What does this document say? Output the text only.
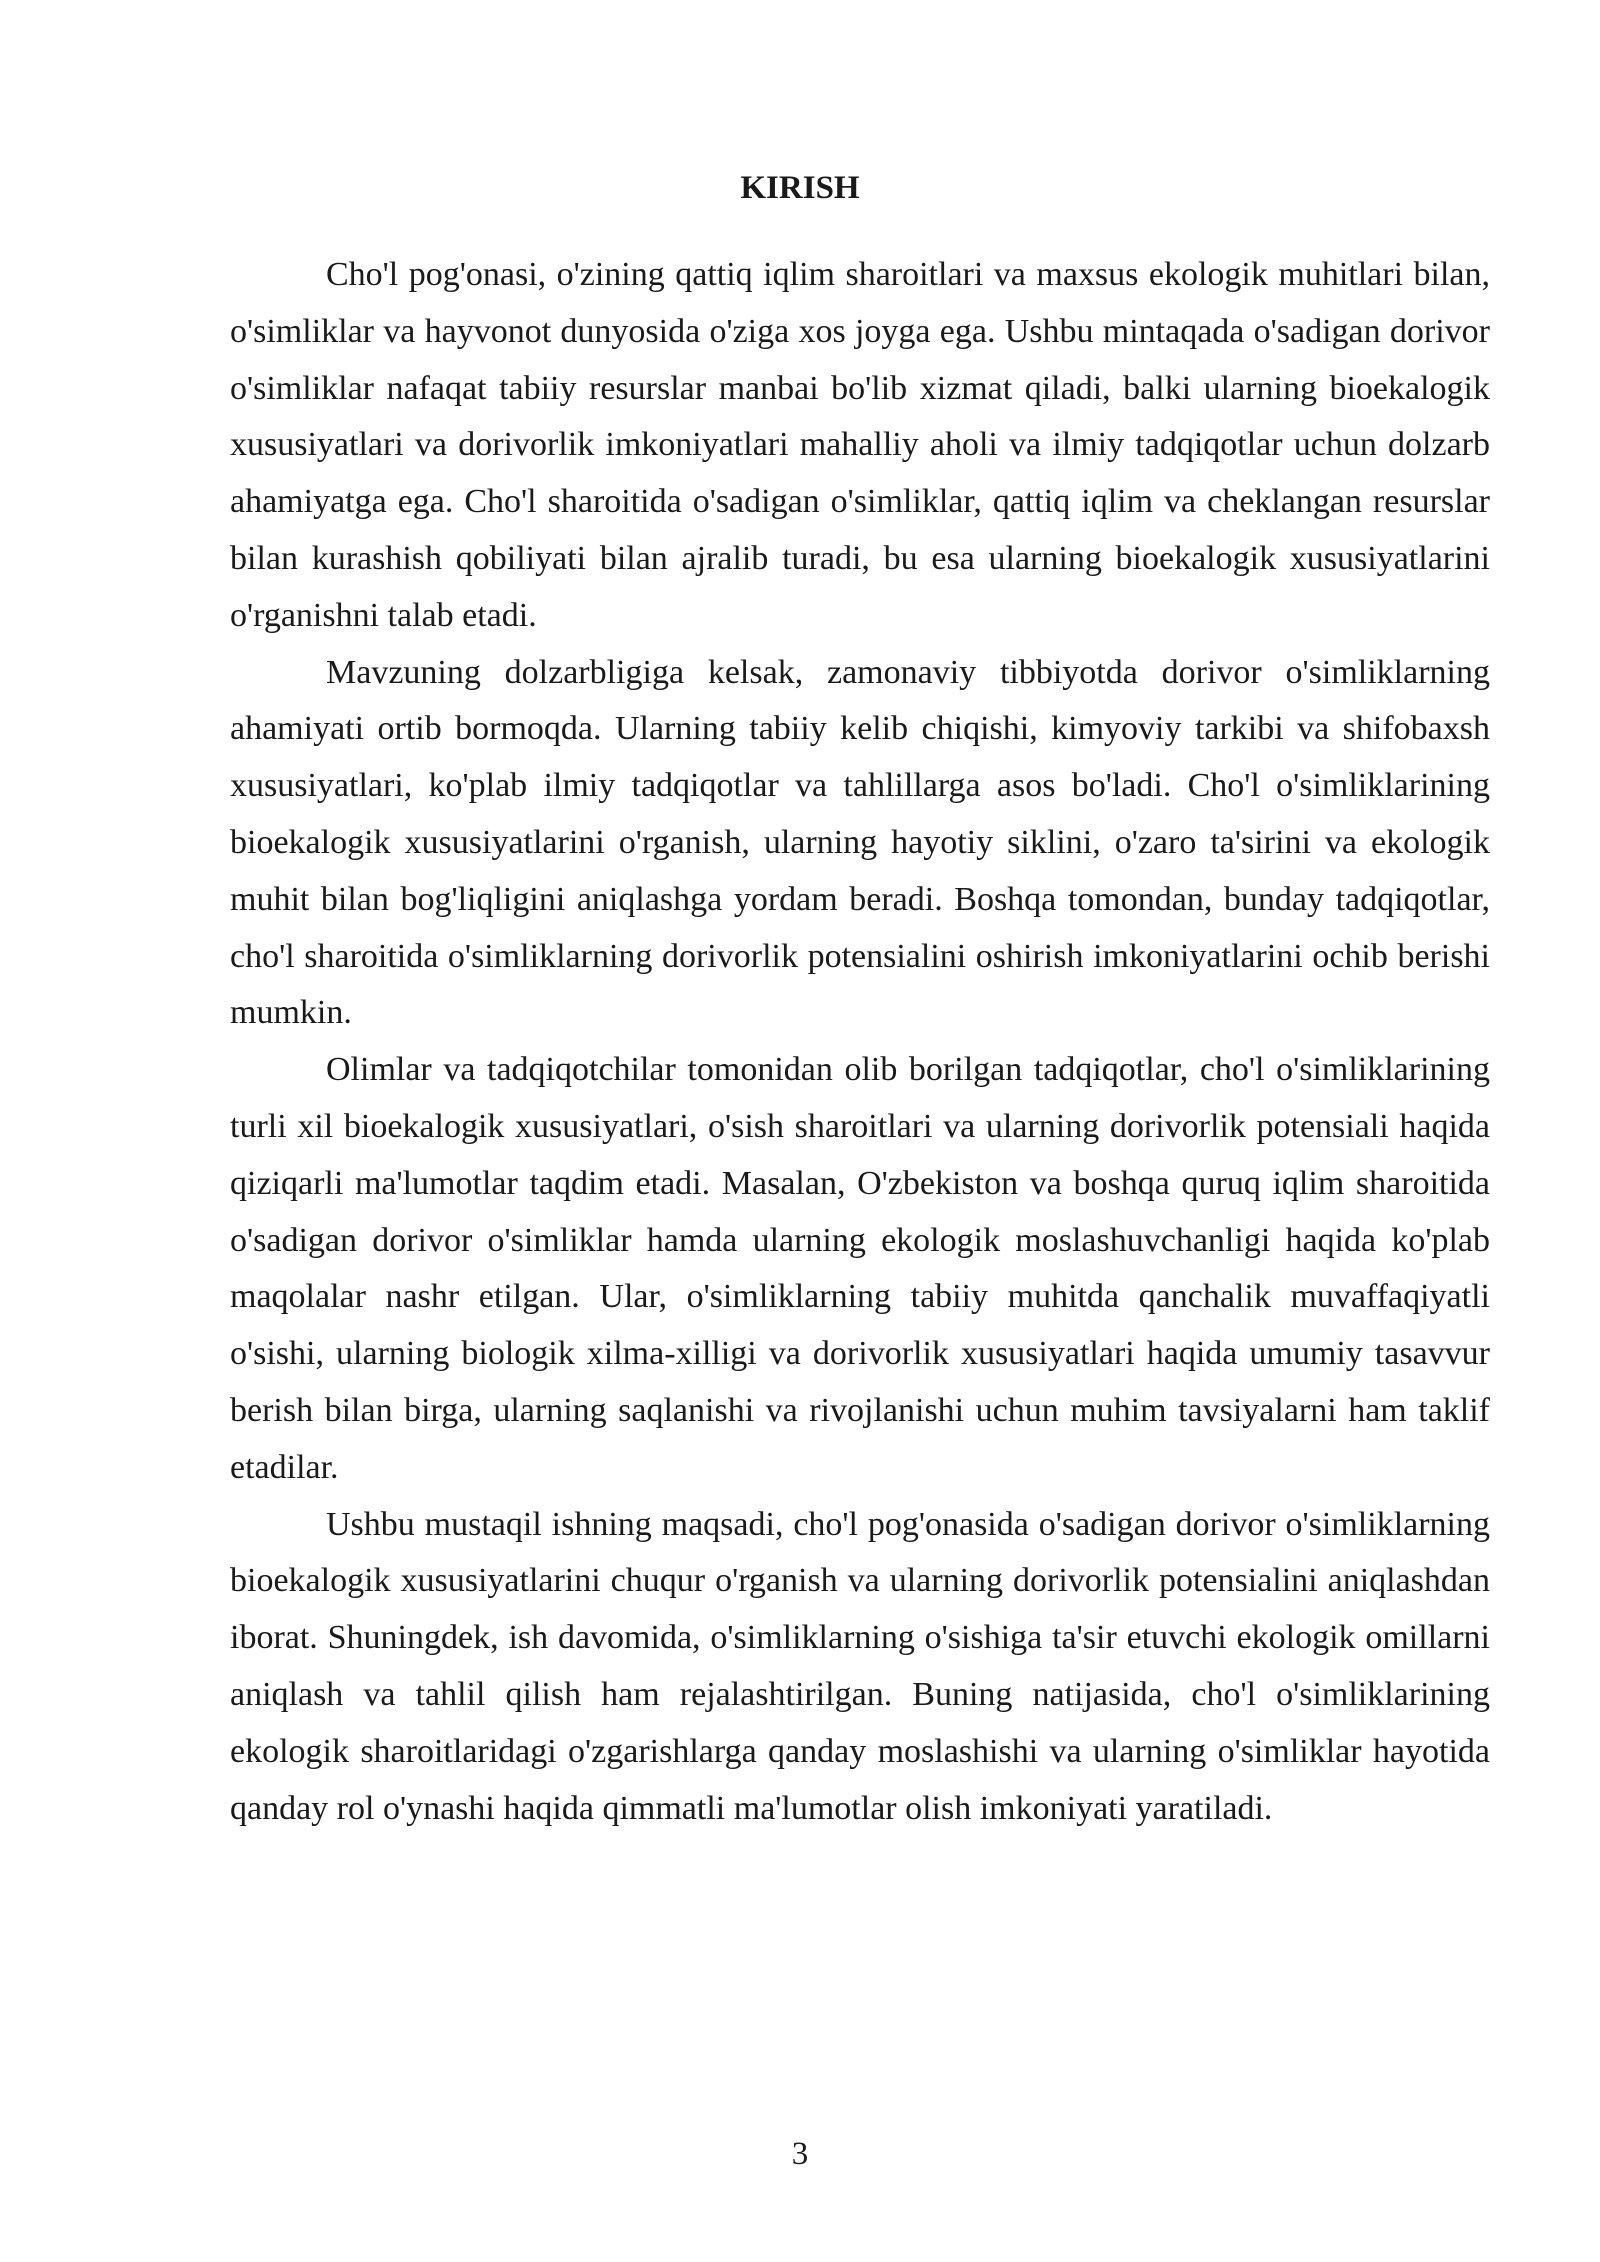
KIRISH

Cho'l pog'onasi, o'zining qattiq iqlim sharoitlari va maxsus ekologik muhitlari bilan, o'simliklar va hayvonot dunyosida o'ziga xos joyga ega. Ushbu mintaqada o'sadigan dorivor o'simliklar nafaqat tabiiy resurslar manbai bo'lib xizmat qiladi, balki ularning bioekalogik xususiyatlari va dorivorlik imkoniyatlari mahalliy aholi va ilmiy tadqiqotlar uchun dolzarb ahamiyatga ega. Cho'l sharoitida o'sadigan o'simliklar, qattiq iqlim va cheklangan resurslar bilan kurashish qobiliyati bilan ajralib turadi, bu esa ularning bioekalogik xususiyatlarini o'rganishni talab etadi.

Mavzuning dolzarbligiga kelsak, zamonaviy tibbiyotda dorivor o'simliklarning ahamiyati ortib bormoqda. Ularning tabiiy kelib chiqishi, kimyoviy tarkibi va shifobaxsh xususiyatlari, ko'plab ilmiy tadqiqotlar va tahlillarga asos bo'ladi. Cho'l o'simliklarining bioekalogik xususiyatlarini o'rganish, ularning hayotiy siklini, o'zaro ta'sirini va ekologik muhit bilan bog'liqligini aniqlashga yordam beradi. Boshqa tomondan, bunday tadqiqotlar, cho'l sharoitida o'simliklarning dorivorlik potensialini oshirish imkoniyatlarini ochib berishi mumkin.

Olimlar va tadqiqotchilar tomonidan olib borilgan tadqiqotlar, cho'l o'simliklarining turli xil bioekalogik xususiyatlari, o'sish sharoitlari va ularning dorivorlik potensiali haqida qiziqarli ma'lumotlar taqdim etadi. Masalan, O'zbekiston va boshqa quruq iqlim sharoitida o'sadigan dorivor o'simliklar hamda ularning ekologik moslashuvchanligi haqida ko'plab maqolalar nashr etilgan. Ular, o'simliklarning tabiiy muhitda qanchalik muvaffaqiyatli o'sishi, ularning biologik xilma-xilligi va dorivorlik xususiyatlari haqida umumiy tasavvur berish bilan birga, ularning saqlanishi va rivojlanishi uchun muhim tavsiyalarni ham taklif etadilar.

Ushbu mustaqil ishning maqsadi, cho'l pog'onasida o'sadigan dorivor o'simliklarning bioekalogik xususiyatlarini chuqur o'rganish va ularning dorivorlik potensialini aniqlashdan iborat. Shuningdek, ish davomida, o'simliklarning o'sishiga ta'sir etuvchi ekologik omillarni aniqlash va tahlil qilish ham rejalashtirilgan. Buning natijasida, cho'l o'simliklarining ekologik sharoitlaridagi o'zgarishlarga qanday moslashishi va ularning o'simliklar hayotida qanday rol o'ynashi haqida qimmatli ma'lumotlar olish imkoniyati yaratiladi.

3
